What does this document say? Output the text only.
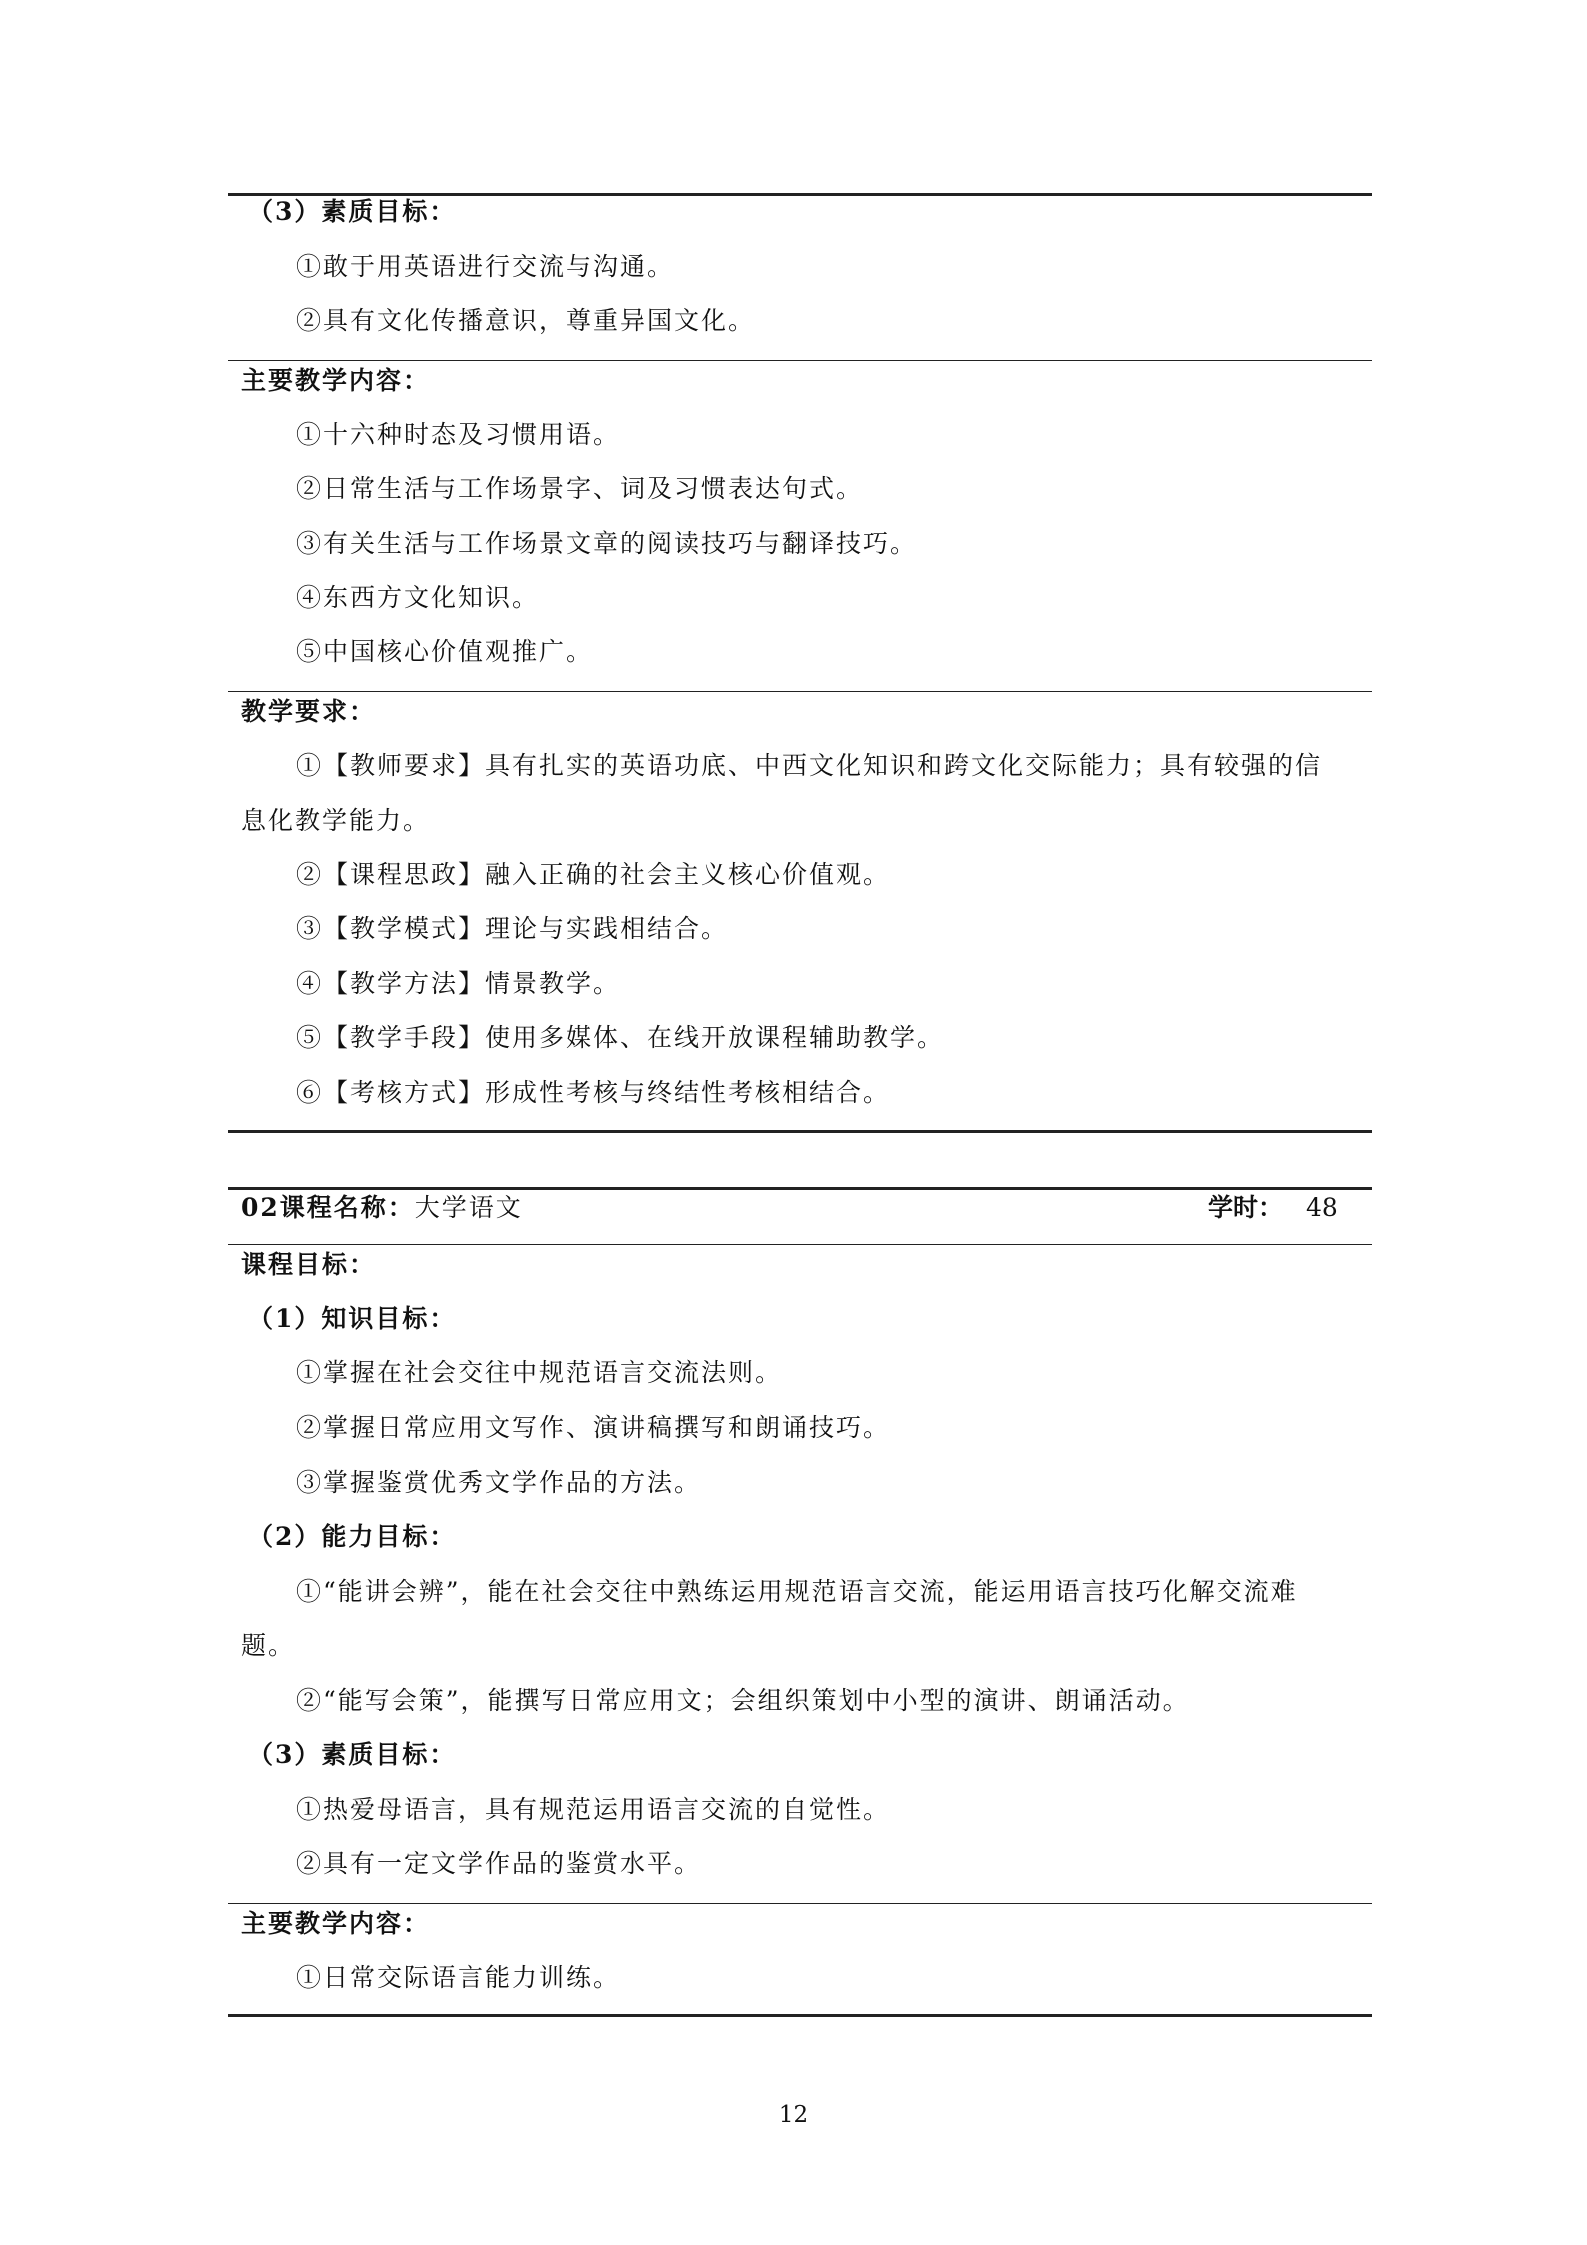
（3）素质目标：
①敢于用英语进行交流与沟通。
②具有文化传播意识，尊重异国文化。
主要教学内容：
①十六种时态及习惯用语。
②日常生活与工作场景字、词及习惯表达句式。
③有关生活与工作场景文章的阅读技巧与翻译技巧。
④东西方文化知识。
⑤中国核心价值观推广。
教学要求：
①【教师要求】具有扎实的英语功底、中西文化知识和跨文化交际能力；具有较强的信
息化教学能力。
②【课程思政】融入正确的社会主义核心价值观。
③【教学模式】理论与实践相结合。
④【教学方法】情景教学。
⑤【教学手段】使用多媒体、在线开放课程辅助教学。
⑥【考核方式】形成性考核与终结性考核相结合。
02课程名称：大学语文	学时： 48
课程目标：
（1）知识目标：
①掌握在社会交往中规范语言交流法则。
②掌握日常应用文写作、演讲稿撰写和朗诵技巧。
③掌握鉴赏优秀文学作品的方法。
（2）能力目标：
①“能讲会辨”，能在社会交往中熟练运用规范语言交流，能运用语言技巧化解交流难
题。
②“能写会策”，能撰写日常应用文；会组织策划中小型的演讲、朗诵活动。
（3）素质目标：
①热爱母语言，具有规范运用语言交流的自觉性。
②具有一定文学作品的鉴赏水平。
主要教学内容：
①日常交际语言能力训练。
12
